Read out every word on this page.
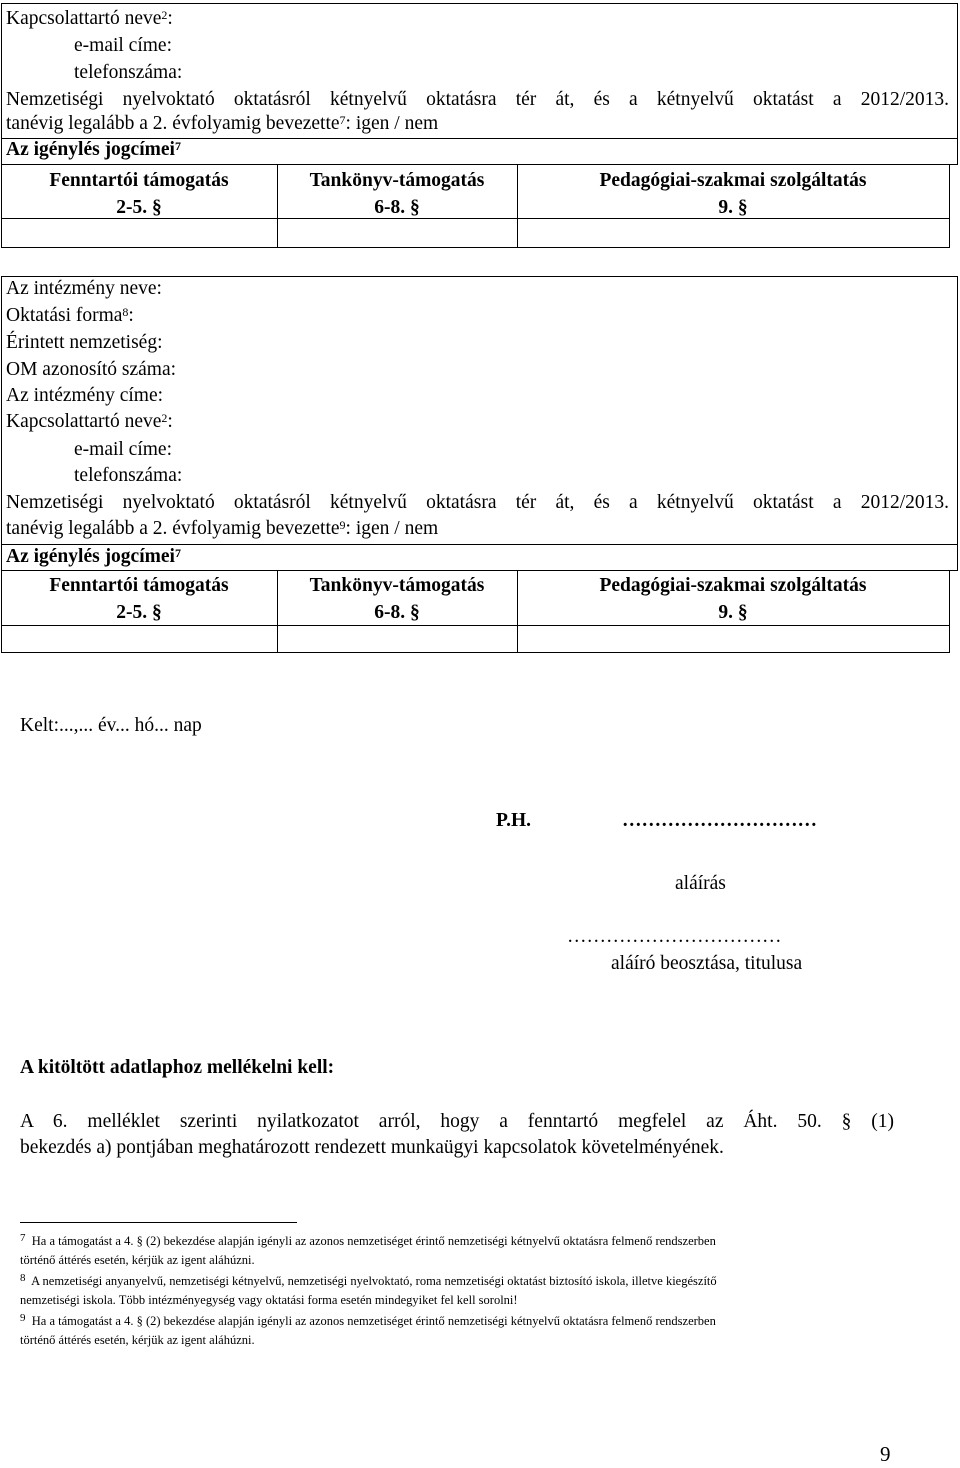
Kapcsolattartó neve$^2$:
e-mail címe:
telefonszáma:
Nemzetiségi nyelvoktató oktatásról kétnyelvű oktatásra tér át, és a kétnyelvű oktatást a 2012/2013.
tanévig legalább a 2. évfolyamig bevezette$^7$: igen / nem
Az igénylés jogcímei$^7$
Fenntartói támogatás
2-5. §
Tankönyv-támogatás
6-8. §
Pedagógiai-szakmai szolgáltatás
9. §
Az intézmény neve:
Oktatási forma$^8$:
Érintett nemzetiség:
OM azonosító száma:
Az intézmény címe:
Kapcsolattartó neve$^2$:
e-mail címe:
telefonszáma:
Nemzetiségi nyelvoktató oktatásról kétnyelvű oktatásra tér át, és a kétnyelvű oktatást a 2012/2013.
tanévig legalább a 2. évfolyamig bevezette$^9$: igen / nem
Az igénylés jogcímei$^7$
Fenntartói támogatás
2-5. §
Tankönyv-támogatás
6-8. §
Pedagógiai-szakmai szolgáltatás
9. §
Kelt:...,... év... hó... nap
P.H.	…………………………
aláírás
……………………………
aláíró beosztása, titulusa
A kitöltött adatlaphoz mellékelni kell:
A 6. melléklet szerinti nyilatkozatot arról, hogy a fenntartó megfelel az Áht. 50. § (1)
bekezdés a) pontjában meghatározott rendezett munkaügyi kapcsolatok követelményének.
$^7$ Ha a támogatást a 4. § (2) bekezdése alapján igényli az azonos nemzetiséget érintő nemzetiségi kétnyelvű oktatásra felmenő rendszerben
történő áttérés esetén, kérjük az igent aláhúzni.
$^8$ A nemzetiségi anyanyelvű, nemzetiségi kétnyelvű, nemzetiségi nyelvoktató, roma nemzetiségi oktatást biztosító iskola, illetve kiegészítő
nemzetiségi iskola. Több intézményegység vagy oktatási forma esetén mindegyiket fel kell sorolni!
$^9$ Ha a támogatást a 4. § (2) bekezdése alapján igényli az azonos nemzetiséget érintő nemzetiségi kétnyelvű oktatásra felmenő rendszerben
történő áttérés esetén, kérjük az igent aláhúzni.
9
